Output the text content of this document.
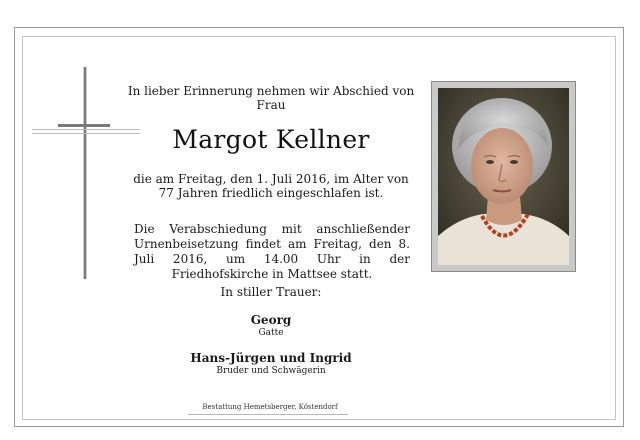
In lieber Erinnerung nehmen wir Abschied von Frau
Margot Kellner
die am Freitag, den 1. Juli 2016, im Alter von 77 Jahren friedlich eingeschlafen ist.
Die Verabschiedung mit anschließender Urnenbeisetzung findet am Freitag, den 8. Juli 2016, um 14.00 Uhr in der Friedhofskirche in Mattsee statt.
In stiller Trauer:
Georg
Gatte
Hans-Jürgen und Ingrid
Bruder und Schwägerin
Bestattung Hemetsberger, Köstendorf
